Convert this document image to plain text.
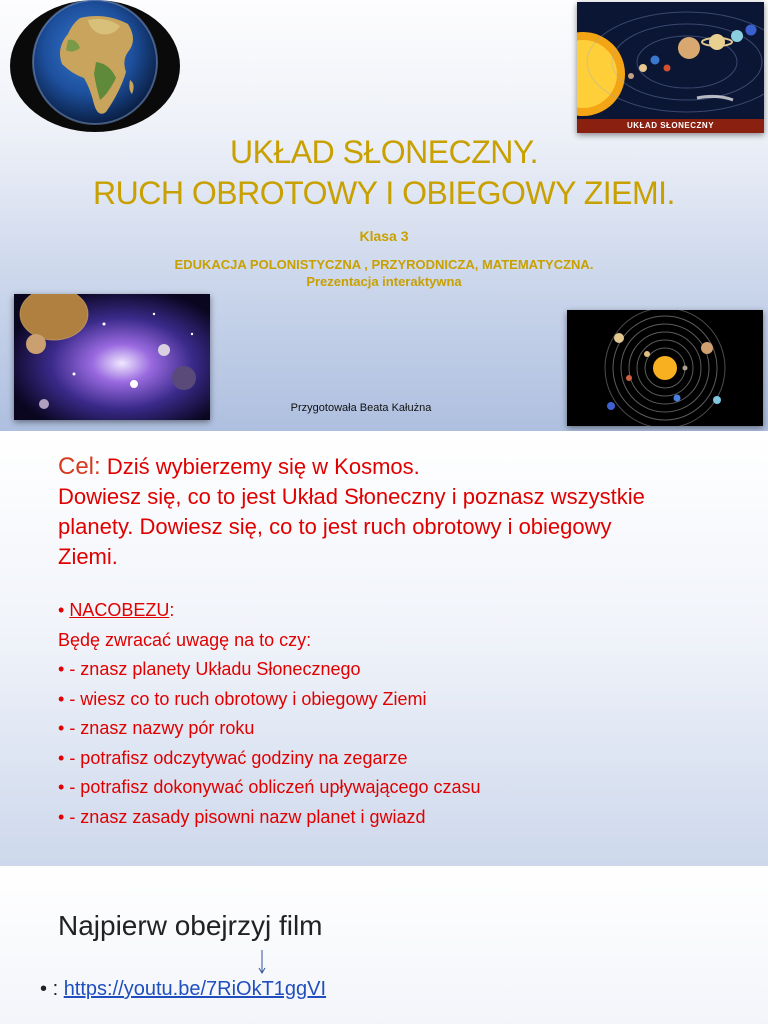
UKŁAD SŁONECZNY
UKŁAD SŁONECZNY.
RUCH OBROTOWY I OBIEGOWY ZIEMI.
Klasa 3
EDUKACJA POLONISTYCZNA , PRZYRODNICZA, MATEMATYCZNA.
Prezentacja interaktywna
Przygotowała Beata Kałużna
Cel: Dziś wybierzemy się w Kosmos.
Dowiesz się, co to jest Układ Słoneczny i poznasz wszystkie
planety. Dowiesz się, co to jest ruch obrotowy i obiegowy
Ziemi.
• NACOBEZU:
Będę zwracać uwagę na to czy:
• - znasz planety Układu Słonecznego
• - wiesz co to ruch obrotowy i obiegowy Ziemi
• - znasz nazwy pór roku
• - potrafisz odczytywać godziny na zegarze
• - potrafisz dokonywać obliczeń upływającego czasu
• - znasz zasady pisowni nazw planet i gwiazd
Najpierw obejrzyj film
• : https://youtu.be/7RiOkT1ggVI
